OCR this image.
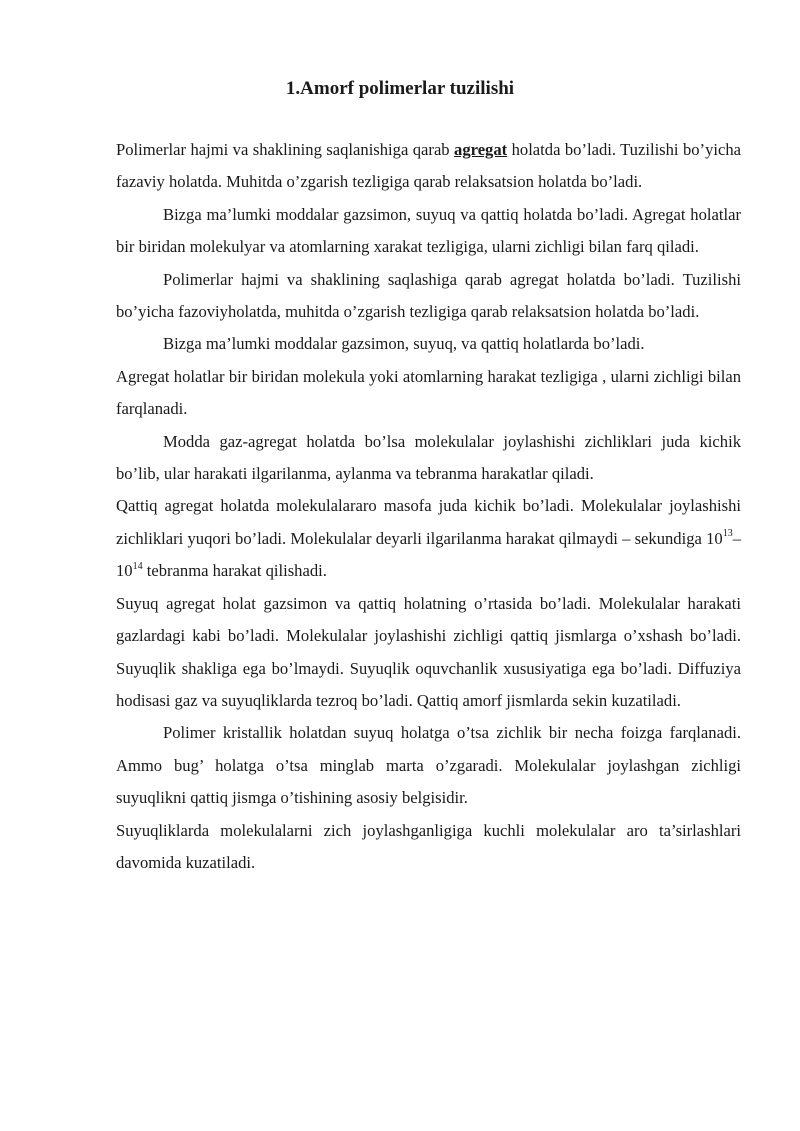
1.Amorf polimerlar tuzilishi

Polimerlar hajmi va shaklining saqlanishiga qarab agregat holatda bo’ladi. Tuzilishi bo’yicha fazaviy holatda. Muhitda o’zgarish tezligiga qarab relaksatsion holatda bo’ladi.

Bizga ma’lumki moddalar gazsimon, suyuq va qattiq holatda bo’ladi. Agregat holatlar bir biridan molekulyar va atomlarning xarakat tezligiga, ularni zichligi bilan farq qiladi.

Polimerlar hajmi va shaklining saqlashiga qarab agregat holatda bo’ladi. Tuzilishi bo’yicha fazoviyholatda, muhitda o’zgarish tezligiga qarab relaksatsion holatda bo’ladi.

Bizga ma’lumki moddalar gazsimon, suyuq, va qattiq holatlarda bo’ladi.

Agregat holatlar bir biridan molekula yoki atomlarning harakat tezligiga , ularni zichligi bilan farqlanadi.

Modda gaz-agregat holatda bo’lsa molekulalar joylashishi zichliklari juda kichik bo’lib, ular harakati ilgarilanma, aylanma va tebranma harakatlar qiladi.

Qattiq agregat holatda molekulalararo masofa juda kichik bo’ladi. Molekulalar joylashishi zichliklari yuqori bo’ladi. Molekulalar deyarli ilgarilanma harakat qilmaydi – sekundiga $10^{13}-10^{14}$ tebranma harakat qilishadi.

Suyuq agregat holat gazsimon va qattiq holatning o’rtasida bo’ladi. Molekulalar harakati gazlardagi kabi bo’ladi. Molekulalar joylashishi zichligi qattiq jismlarga o’xshash bo’ladi. Suyuqlik shakliga ega bo’lmaydi. Suyuqlik oquvchanlik xususiyatiga ega bo’ladi. Diffuziya hodisasi gaz va suyuqliklarda tezroq bo’ladi. Qattiq amorf jismlarda sekin kuzatiladi.

Polimer kristallik holatdan suyuq holatga o’tsa zichlik bir necha foizga farqlanadi. Ammo bug’ holatga o’tsa minglab marta o’zgaradi. Molekulalar joylashgan zichligi suyuqlikni qattiq jismga o’tishining asosiy belgisidir.

Suyuqliklarda molekulalarni zich joylashganligiga kuchli molekulalar aro ta’sirlashlari davomida kuzatiladi.
